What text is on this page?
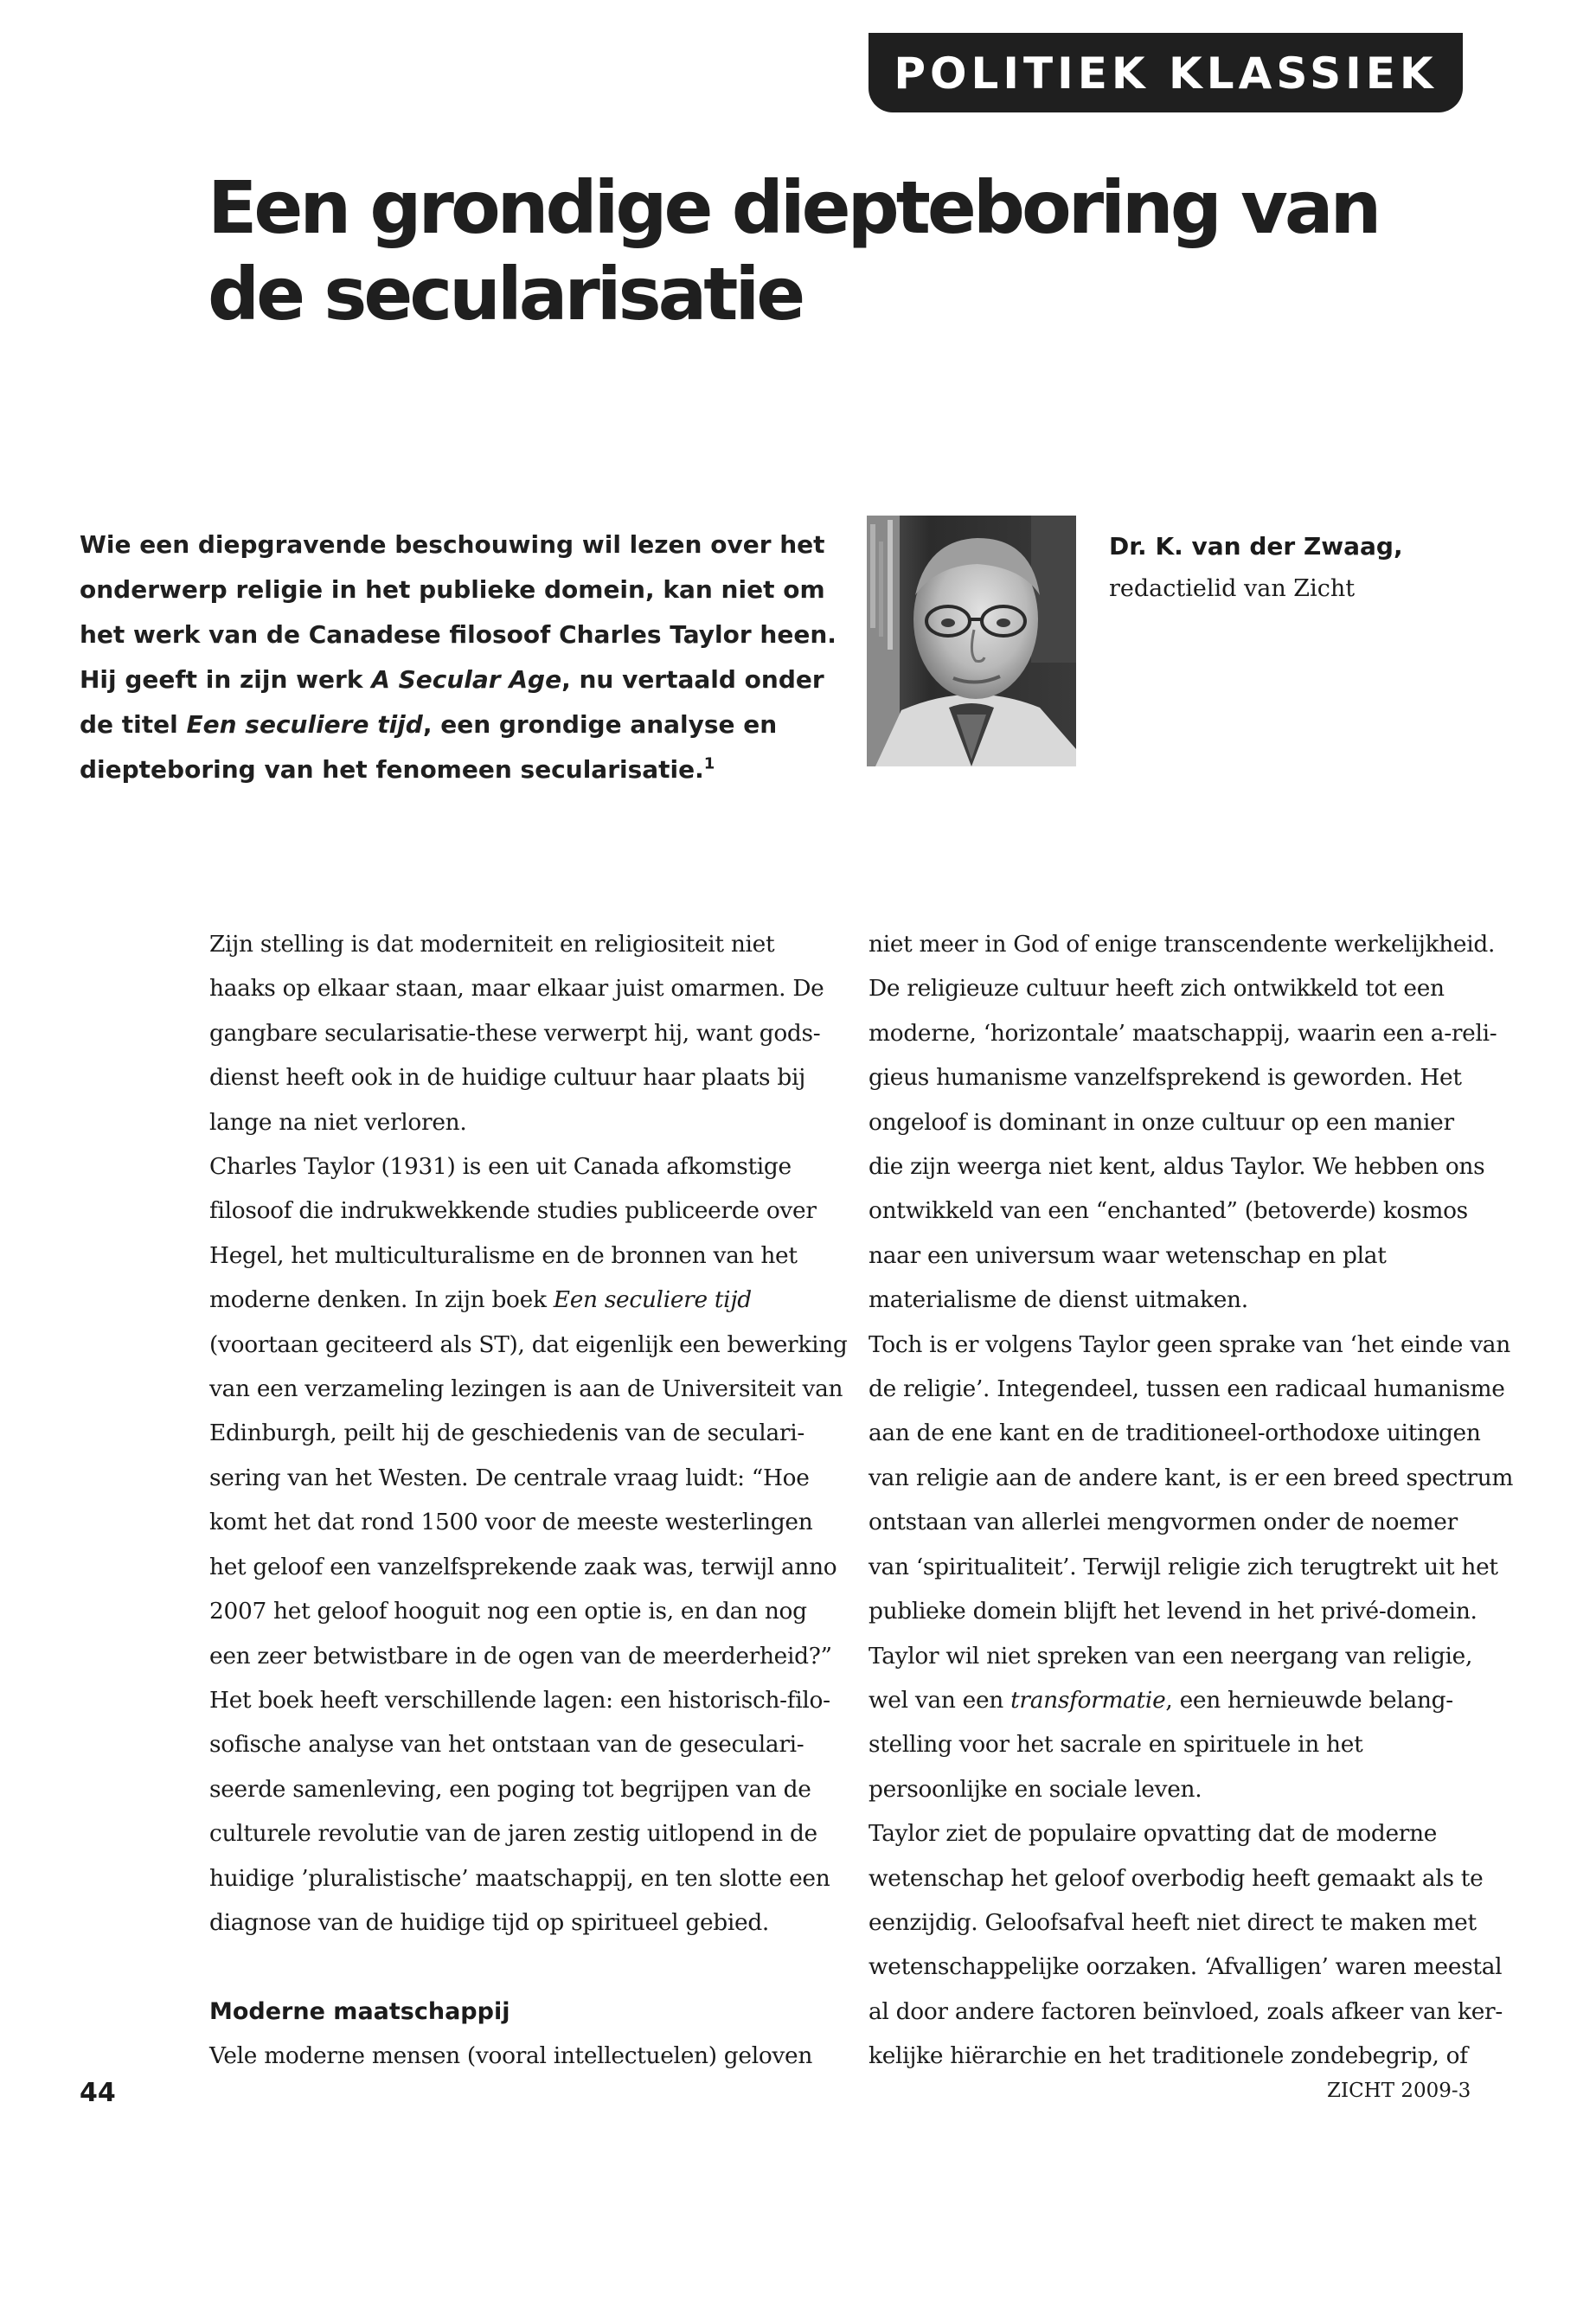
POLITIEK KLASSIEK
Een grondige diepteboring van de secularisatie

Wie een diepgravende beschouwing wil lezen over het onderwerp religie in het publieke domein, kan niet om het werk van de Canadese filosoof Charles Taylor heen. Hij geeft in zijn werk A Secular Age, nu vertaald onder de titel Een seculiere tijd, een grondige analyse en diepteboring van het fenomeen secularisatie.$^1$

Dr. K. van der Zwaag,
redactielid van Zicht

Zijn stelling is dat moderniteit en religiositeit niet

haaks op elkaar staan, maar elkaar juist omarmen. De

gangbare secularisatie-these verwerpt hij, want gods-

dienst heeft ook in de huidige cultuur haar plaats bij

lange na niet verloren.

Charles Taylor (1931) is een uit Canada afkomstige

filosoof die indrukwekkende studies publiceerde over

Hegel, het multiculturalisme en de bronnen van het

moderne denken. In zijn boek Een seculiere tijd

(voortaan geciteerd als ST), dat eigenlijk een bewerking

van een verzameling lezingen is aan de Universiteit van

Edinburgh, peilt hij de geschiedenis van de seculari-

sering van het Westen. De centrale vraag luidt: “Hoe

komt het dat rond 1500 voor de meeste westerlingen

het geloof een vanzelfsprekende zaak was, terwijl anno

2007 het geloof hooguit nog een optie is, en dan nog

een zeer betwistbare in de ogen van de meerderheid?”

Het boek heeft verschillende lagen: een historisch-filo-

sofische analyse van het ontstaan van de geseculari-

seerde samenleving, een poging tot begrijpen van de

culturele revolutie van de jaren zestig uitlopend in de

huidige ’pluralistische’ maatschappij, en ten slotte een

diagnose van de huidige tijd op spiritueel gebied.

Moderne maatschappij

Vele moderne mensen (vooral intellectuelen) geloven

niet meer in God of enige transcendente werkelijkheid.

De religieuze cultuur heeft zich ontwikkeld tot een

moderne, ‘horizontale’ maatschappij, waarin een a-reli-

gieus humanisme vanzelfsprekend is geworden. Het

ongeloof is dominant in onze cultuur op een manier

die zijn weerga niet kent, aldus Taylor. We hebben ons

ontwikkeld van een “enchanted” (betoverde) kosmos

naar een universum waar wetenschap en plat

materialisme de dienst uitmaken.

Toch is er volgens Taylor geen sprake van ‘het einde van

de religie’. Integendeel, tussen een radicaal humanisme

aan de ene kant en de traditioneel-orthodoxe uitingen

van religie aan de andere kant, is er een breed spectrum

ontstaan van allerlei mengvormen onder de noemer

van ‘spiritualiteit’. Terwijl religie zich terugtrekt uit het

publieke domein blijft het levend in het privé-domein.

Taylor wil niet spreken van een neergang van religie,

wel van een transformatie, een hernieuwde belang-

stelling voor het sacrale en spirituele in het

persoonlijke en sociale leven.

Taylor ziet de populaire opvatting dat de moderne

wetenschap het geloof overbodig heeft gemaakt als te

eenzijdig. Geloofsafval heeft niet direct te maken met

wetenschappelijke oorzaken. ‘Afvalligen’ waren meestal

al door andere factoren beïnvloed, zoals afkeer van ker-

kelijke hiërarchie en het traditionele zondebegrip, of

44	ZICHT 2009-3
